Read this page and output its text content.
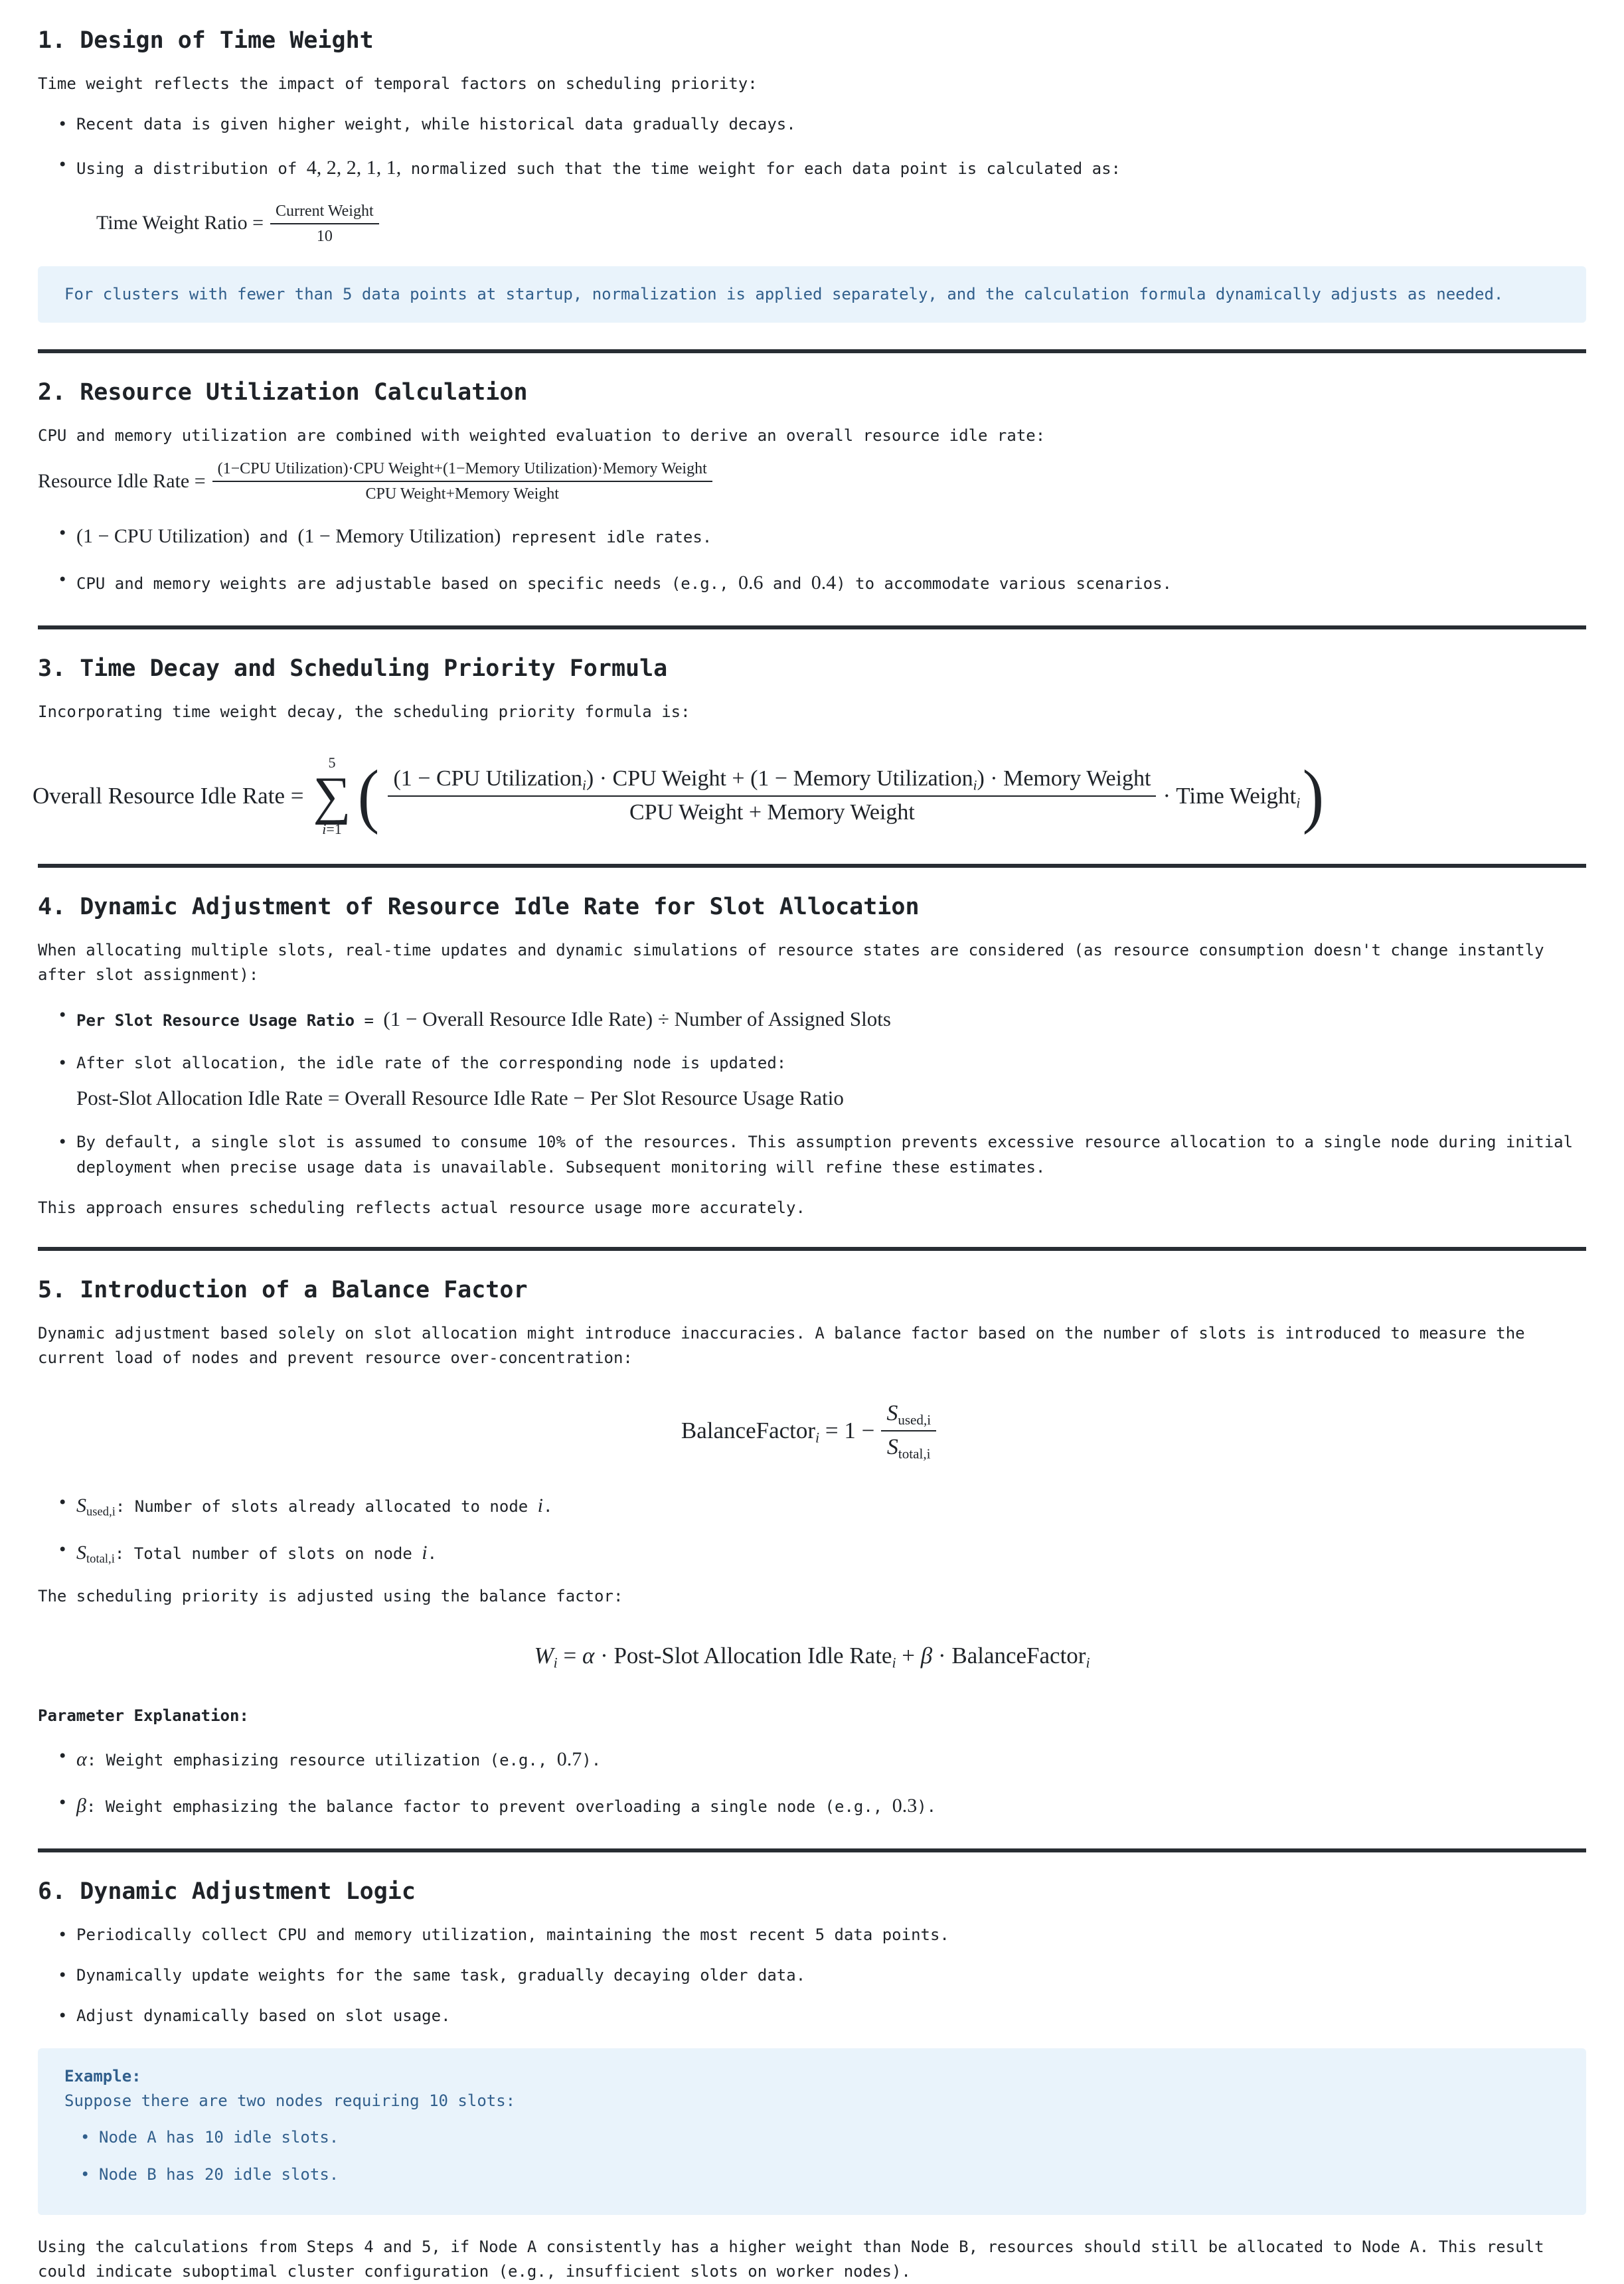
1. Design of Time Weight

Time weight reflects the impact of temporal factors on scheduling priority:

• Recent data is given higher weight, while historical data gradually decays.
• Using a distribution of 4, 2, 2, 1, 1, normalized such that the time weight for each data point is calculated as:
Time Weight Ratio = $\frac{\text{Current Weight}}{10}$
For clusters with fewer than 5 data points at startup, normalization is applied separately, and the calculation formula dynamically adjusts as needed.
2. Resource Utilization Calculation

CPU and memory utilization are combined with weighted evaluation to derive an overall resource idle rate:

Resource Idle Rate =
(1−CPU Utilization)·CPU Weight+(1−Memory Utilization)·Memory Weight
CPU Weight+Memory Weight
• (1 − CPU Utilization) and (1 − Memory Utilization) represent idle rates.
• CPU and memory weights are adjustable based on specific needs (e.g., 0.6 and 0.4) to accommodate various scenarios.
3. Time Decay and Scheduling Priority Formula

Incorporating time weight decay, the scheduling priority formula is:

Overall Resource Idle Rate =
5
∑
i=1 ( (1 − CPU Utilization$_i$) · CPU Weight + (1 − Memory Utilization$_i$) · Memory Weight
CPU Weight + Memory Weight
· Time Weight$_i$ )
4. Dynamic Adjustment of Resource Idle Rate for Slot Allocation

When allocating multiple slots, real-time updates and dynamic simulations of resource states are considered (as resource consumption doesn't change instantly after slot assignment):

• Per Slot Resource Usage Ratio = (1 − Overall Resource Idle Rate) ÷ Number of Assigned Slots
• After slot allocation, the idle rate of the corresponding node is updated:
Post-Slot Allocation Idle Rate = Overall Resource Idle Rate − Per Slot Resource Usage Ratio
• By default, a single slot is assumed to consume 10% of the resources. This assumption prevents excessive resource allocation to a single node during initial deployment when precise usage data is unavailable. Subsequent monitoring will refine these estimates.

This approach ensures scheduling reflects actual resource usage more accurately.

5. Introduction of a Balance Factor

Dynamic adjustment based solely on slot allocation might introduce inaccuracies. A balance factor based on the number of slots is introduced to measure the current load of nodes and prevent resource over-concentration:

BalanceFactor$_i$ = $1 - \frac{S_{used,i}}{S_{total,i}}$
• $S_{used,i}$: Number of slots already allocated to node i.
• $S_{total,i}$: Total number of slots on node i.

The scheduling priority is adjusted using the balance factor:

$W_i = \alpha$ · Post-Slot Allocation Idle Rate$_i$ + β · BalanceFactor$_i$

Parameter Explanation:

• α: Weight emphasizing resource utilization (e.g., 0.7).
• β: Weight emphasizing the balance factor to prevent overloading a single node (e.g., 0.3).
6. Dynamic Adjustment Logic
• Periodically collect CPU and memory utilization, maintaining the most recent 5 data points.
• Dynamically update weights for the same task, gradually decaying older data.
• Adjust dynamically based on slot usage.
Example:
Suppose there are two nodes requiring 10 slots:
• Node A has 10 idle slots.
• Node B has 20 idle slots.

Using the calculations from Steps 4 and 5, if Node A consistently has a higher weight than Node B, resources should still be allocated to Node A. This result could indicate suboptimal cluster configuration (e.g., insufficient slots on worker nodes).
